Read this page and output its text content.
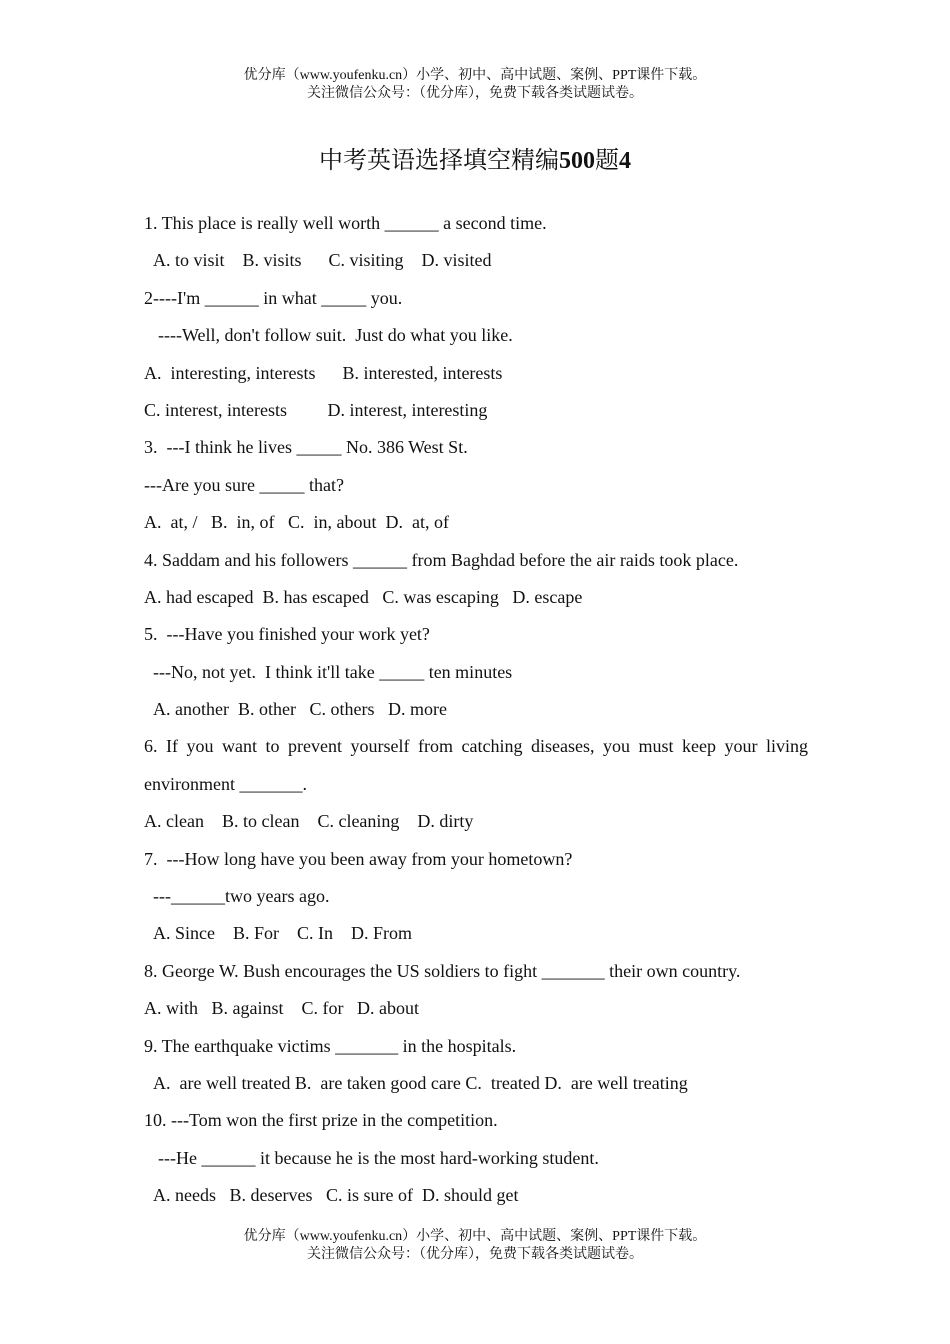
优分库（www.youfenku.cn）小学、初中、高中试题、案例、PPT课件下载。
关注微信公众号：（优分库），免费下载各类试题试卷。
中考英语选择填空精编500题4
1. This place is really well worth ______ a second time.
A. to visit    B. visits      C. visiting    D. visited
2----I'm ______ in what _____ you.
----Well, don't follow suit.  Just do what you like.
A.  interesting, interests      B. interested, interests
C. interest, interests         D. interest, interesting
3.  ---I think he lives _____ No. 386 West St.
---Are you sure _____ that?
A.  at, /   B.  in, of   C.  in, about  D.  at, of
4. Saddam and his followers ______ from Baghdad before the air raids took place.
A. had escaped  B. has escaped   C. was escaping   D. escape
5.  ---Have you finished your work yet?
---No, not yet.  I think it'll take _____ ten minutes
A. another  B. other   C. others   D. more
6. If you want to prevent yourself from catching diseases, you must keep your living
environment _______.
A. clean    B. to clean    C. cleaning    D. dirty
7.  ---How long have you been away from your hometown?
---______two years ago.
A. Since    B. For    C. In    D. From
8. George W. Bush encourages the US soldiers to fight _______ their own country.
A. with   B. against    C. for   D. about
9. The earthquake victims _______ in the hospitals.
A.  are well treated B.  are taken good care C.  treated D.  are well treating
10. ---Tom won the first prize in the competition.
---He ______ it because he is the most hard-working student.
A. needs   B. deserves   C. is sure of  D. should get
优分库（www.youfenku.cn）小学、初中、高中试题、案例、PPT课件下载。
关注微信公众号：（优分库），免费下载各类试题试卷。
